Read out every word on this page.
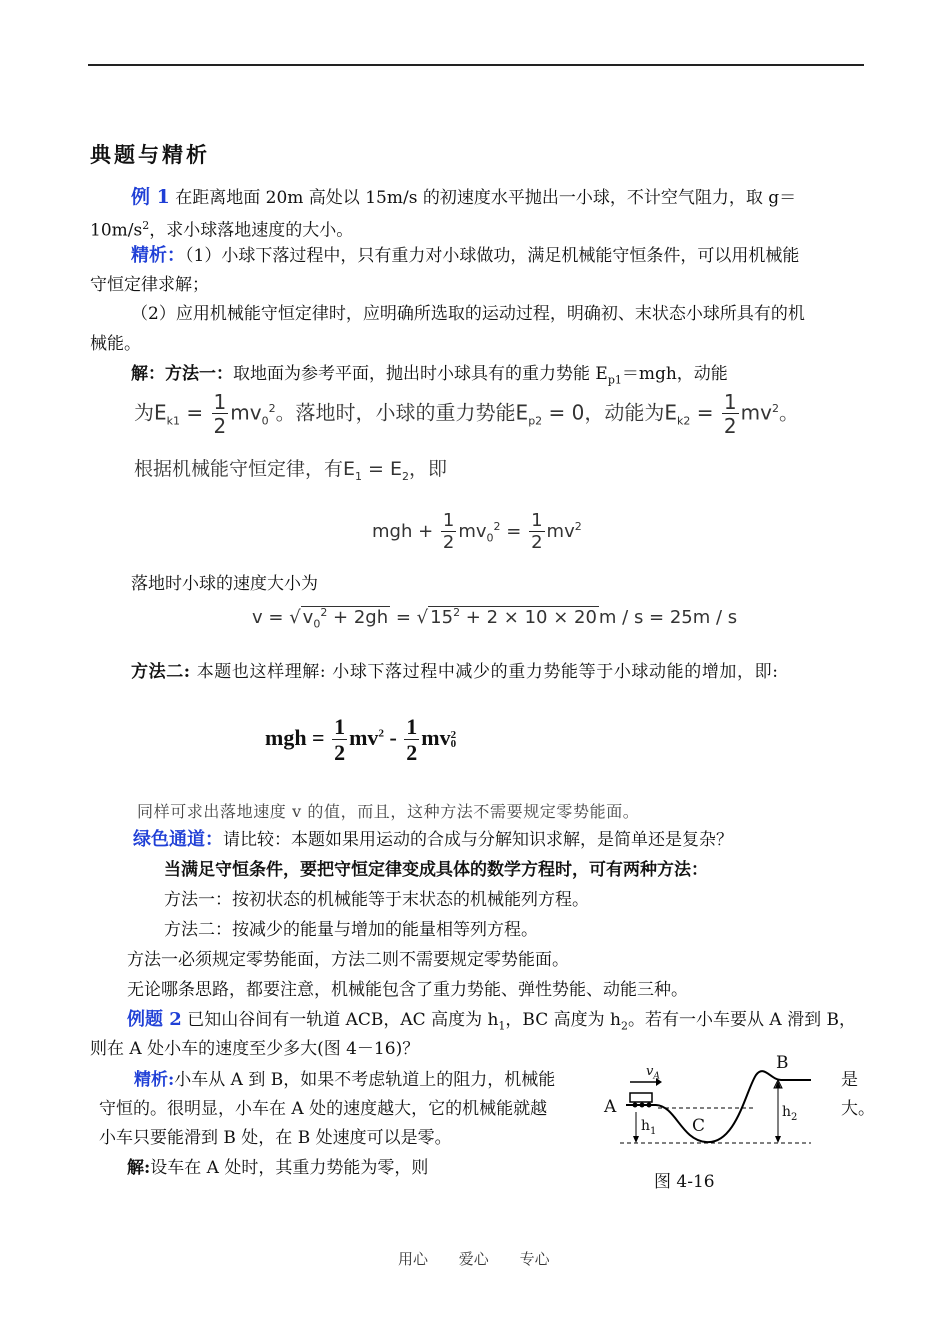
典题与精析
例 1 在距离地面 20m 高处以 15m/s 的初速度水平抛出一小球，不计空气阻力，取 g＝
$10m/s^2$，求小球落地速度的大小。
精析：（1）小球下落过程中，只有重力对小球做功，满足机械能守恒条件，可以用机械能
守恒定律求解；
（2）应用机械能守恒定律时，应明确所选取的运动过程，明确初、末状态小球所具有的机
械能。
解：方法一：取地面为参考平面，抛出时小球具有的重力势能 $E_{p1}=mgh$，动能
为$E_{k1} = \frac{1}{2} mv_0^2$。落地时，小球的重力势能$E_{p2} = 0$，动能为$E_{k2} = \frac{1}{2} mv^2$。
根据机械能守恒定律，有$E_1 = E_2$，即
mgh + $\frac{1}{2} mv_0^2 = \frac{1}{2} mv^2$
落地时小球的速度大小为
v = √ $v_0^2 + 2gh$ = √ $15^2 + 2 \times 10 \times 20$ m / s = 25m / s
方法二: 本题也这样理解: 小球下落过程中减少的重力势能等于小球动能的增加，即:
mgh = $\frac{1}{2} mv^2 - \frac{1}{2}$ mv 2
0
同样可求出落地速度 v 的值，而且，这种方法不需要规定零势能面。
绿色通道：请比较：本题如果用运动的合成与分解知识求解，是简单还是复杂？
当满足守恒条件，要把守恒定律变成具体的数学方程时，可有两种方法：
方法一：按初状态的机械能等于末状态的机械能列方程。
方法二：按减少的能量与增加的能量相等列方程。
方法一必须规定零势能面，方法二则不需要规定零势能面。
无论哪条思路，都要注意，机械能包含了重力势能、弹性势能、动能三种。
例题 2 已知山谷间有一轨道 ACB，AC 高度为 $h_1$，BC 高度为 $h_2$。若有一小车要从 A 滑到 B，
则在 A 处小车的速度至少多大(图 4－16)？
精析:小车从 A 到 B，如果不考虑轨道上的阻力，机械能	是
守恒的。很明显，小车在 A 处的速度越大，它的机械能就越	大。
小车只要能滑到 B 处，在 B 处速度可以是零。
解:设车在 A 处时，其重力势能为零，则
A
B
C
$v_A$
$h_1$
$h_2$
图 4-16
用心 爱心 专心
